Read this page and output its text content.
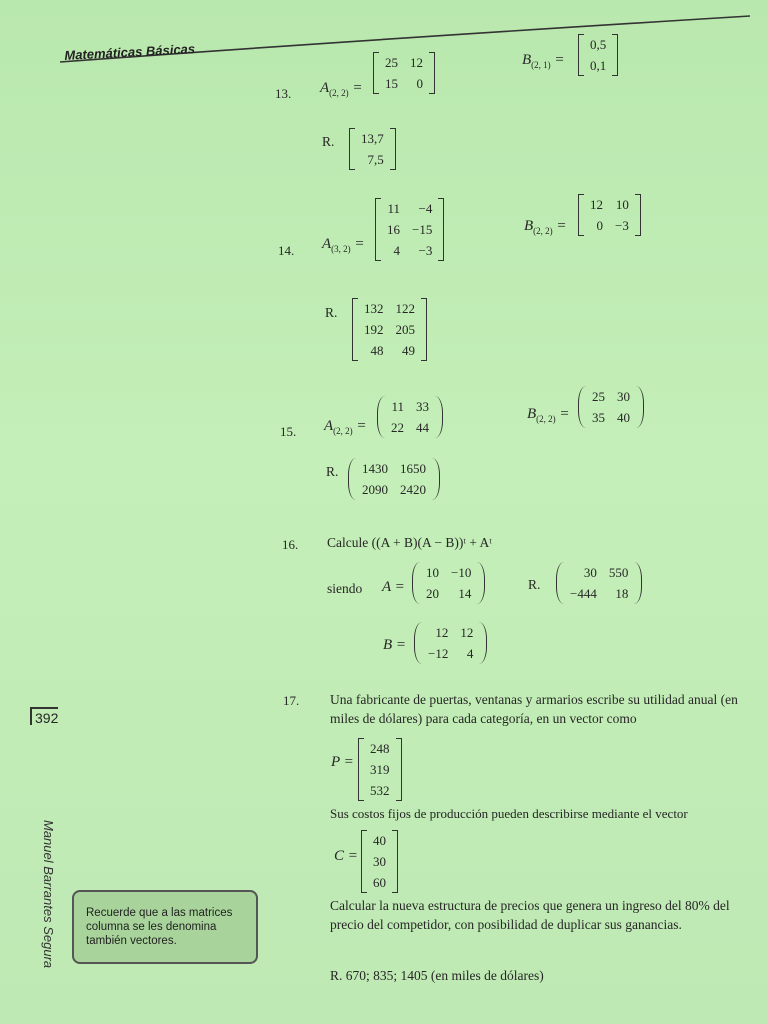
Matemáticas Básicas
392
Manuel Barrantes Segura	Recuerde que a las matrices columna se les denomina también vectores.
13. $A_{(2, 2)}$ =
25	12
15	0
$B_{(2, 1)}$ =
0,5
0,1
R. 13,7
7,5
14. $A_{(3, 2)}$ =
11	−4
16	−15
4	−3
$B_{(2, 2)}$ =
12	10
0	−3
R. 132	122
192	205
48	49
15. $A_{(2, 2)}$ =
11	33
22	44
$B_{(2, 2)}$ =
25	30
35	40
R. 1430	1650
2090	2420
16. Calcule ((A + B)(A − B))ᵗ + Aᵗ
siendo A =
10	−10
20	14
R.
30	550
−444	18
B =
12	12
−12	4
17. Una fabricante de puertas, ventanas y armarios escribe su utilidad anual (en miles de dólares) para cada categoría, en un vector como
P =
248
319
532
Sus costos fijos de producción pueden describirse mediante el vector
C =
40
30
60
Calcular la nueva estructura de precios que genera un ingreso del 80% del precio del competidor, con posibilidad de duplicar sus ganancias.
R. 670; 835; 1405 (en miles de dólares)
